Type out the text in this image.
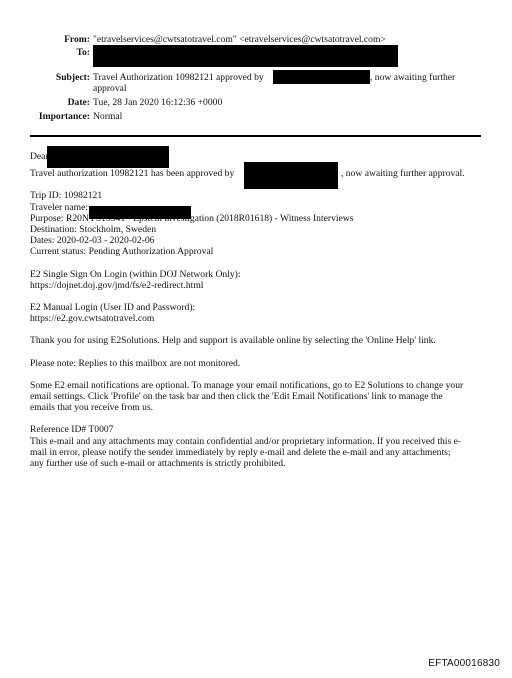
From: "etravelservices@cwtsatotravel.com" <etravelservices@cwtsatotravel.com>
To:
Subject: Travel Authorization 10982121 approved by	, now awaiting further
approval
Date: Tue, 28 Jan 2020 16:12:36 +0000
Importance: Normal
Dear
Travel authorization 10982121 has been approved by	, now awaiting further approval.
Trip ID: 10982121
Traveler name:
Purpose: R20NYS13341 - Epstein investigation (2018R01618) - Witness Interviews
Destination: Stockholm, Sweden
Dates: 2020-02-03 - 2020-02-06
Current status: Pending Authorization Approval
E2 Single Sign On Login (within DOJ Network Only):
https://dojnet.doj.gov/jmd/fs/e2-redirect.html
E2 Manual Login (User ID and Password):
https://e2.gov.cwtsatotravel.com
Thank you for using E2Solutions. Help and support is available online by selecting the 'Online Help' link.
Please note: Replies to this mailbox are not monitored.
Some E2 email notifications are optional. To manage your email notifications, go to E2 Solutions to change your
email settings. Click 'Profile' on the task bar and then click the 'Edit Email Notifications' link to manage the
emails that you receive from us.
Reference ID# T0007
This e-mail and any attachments may contain confidential and/or proprietary information. If you received this e-
mail in error, please notify the sender immediately by reply e-mail and delete the e-mail and any attachments;
any further use of such e-mail or attachments is strictly prohibited.
EFTA00016830
